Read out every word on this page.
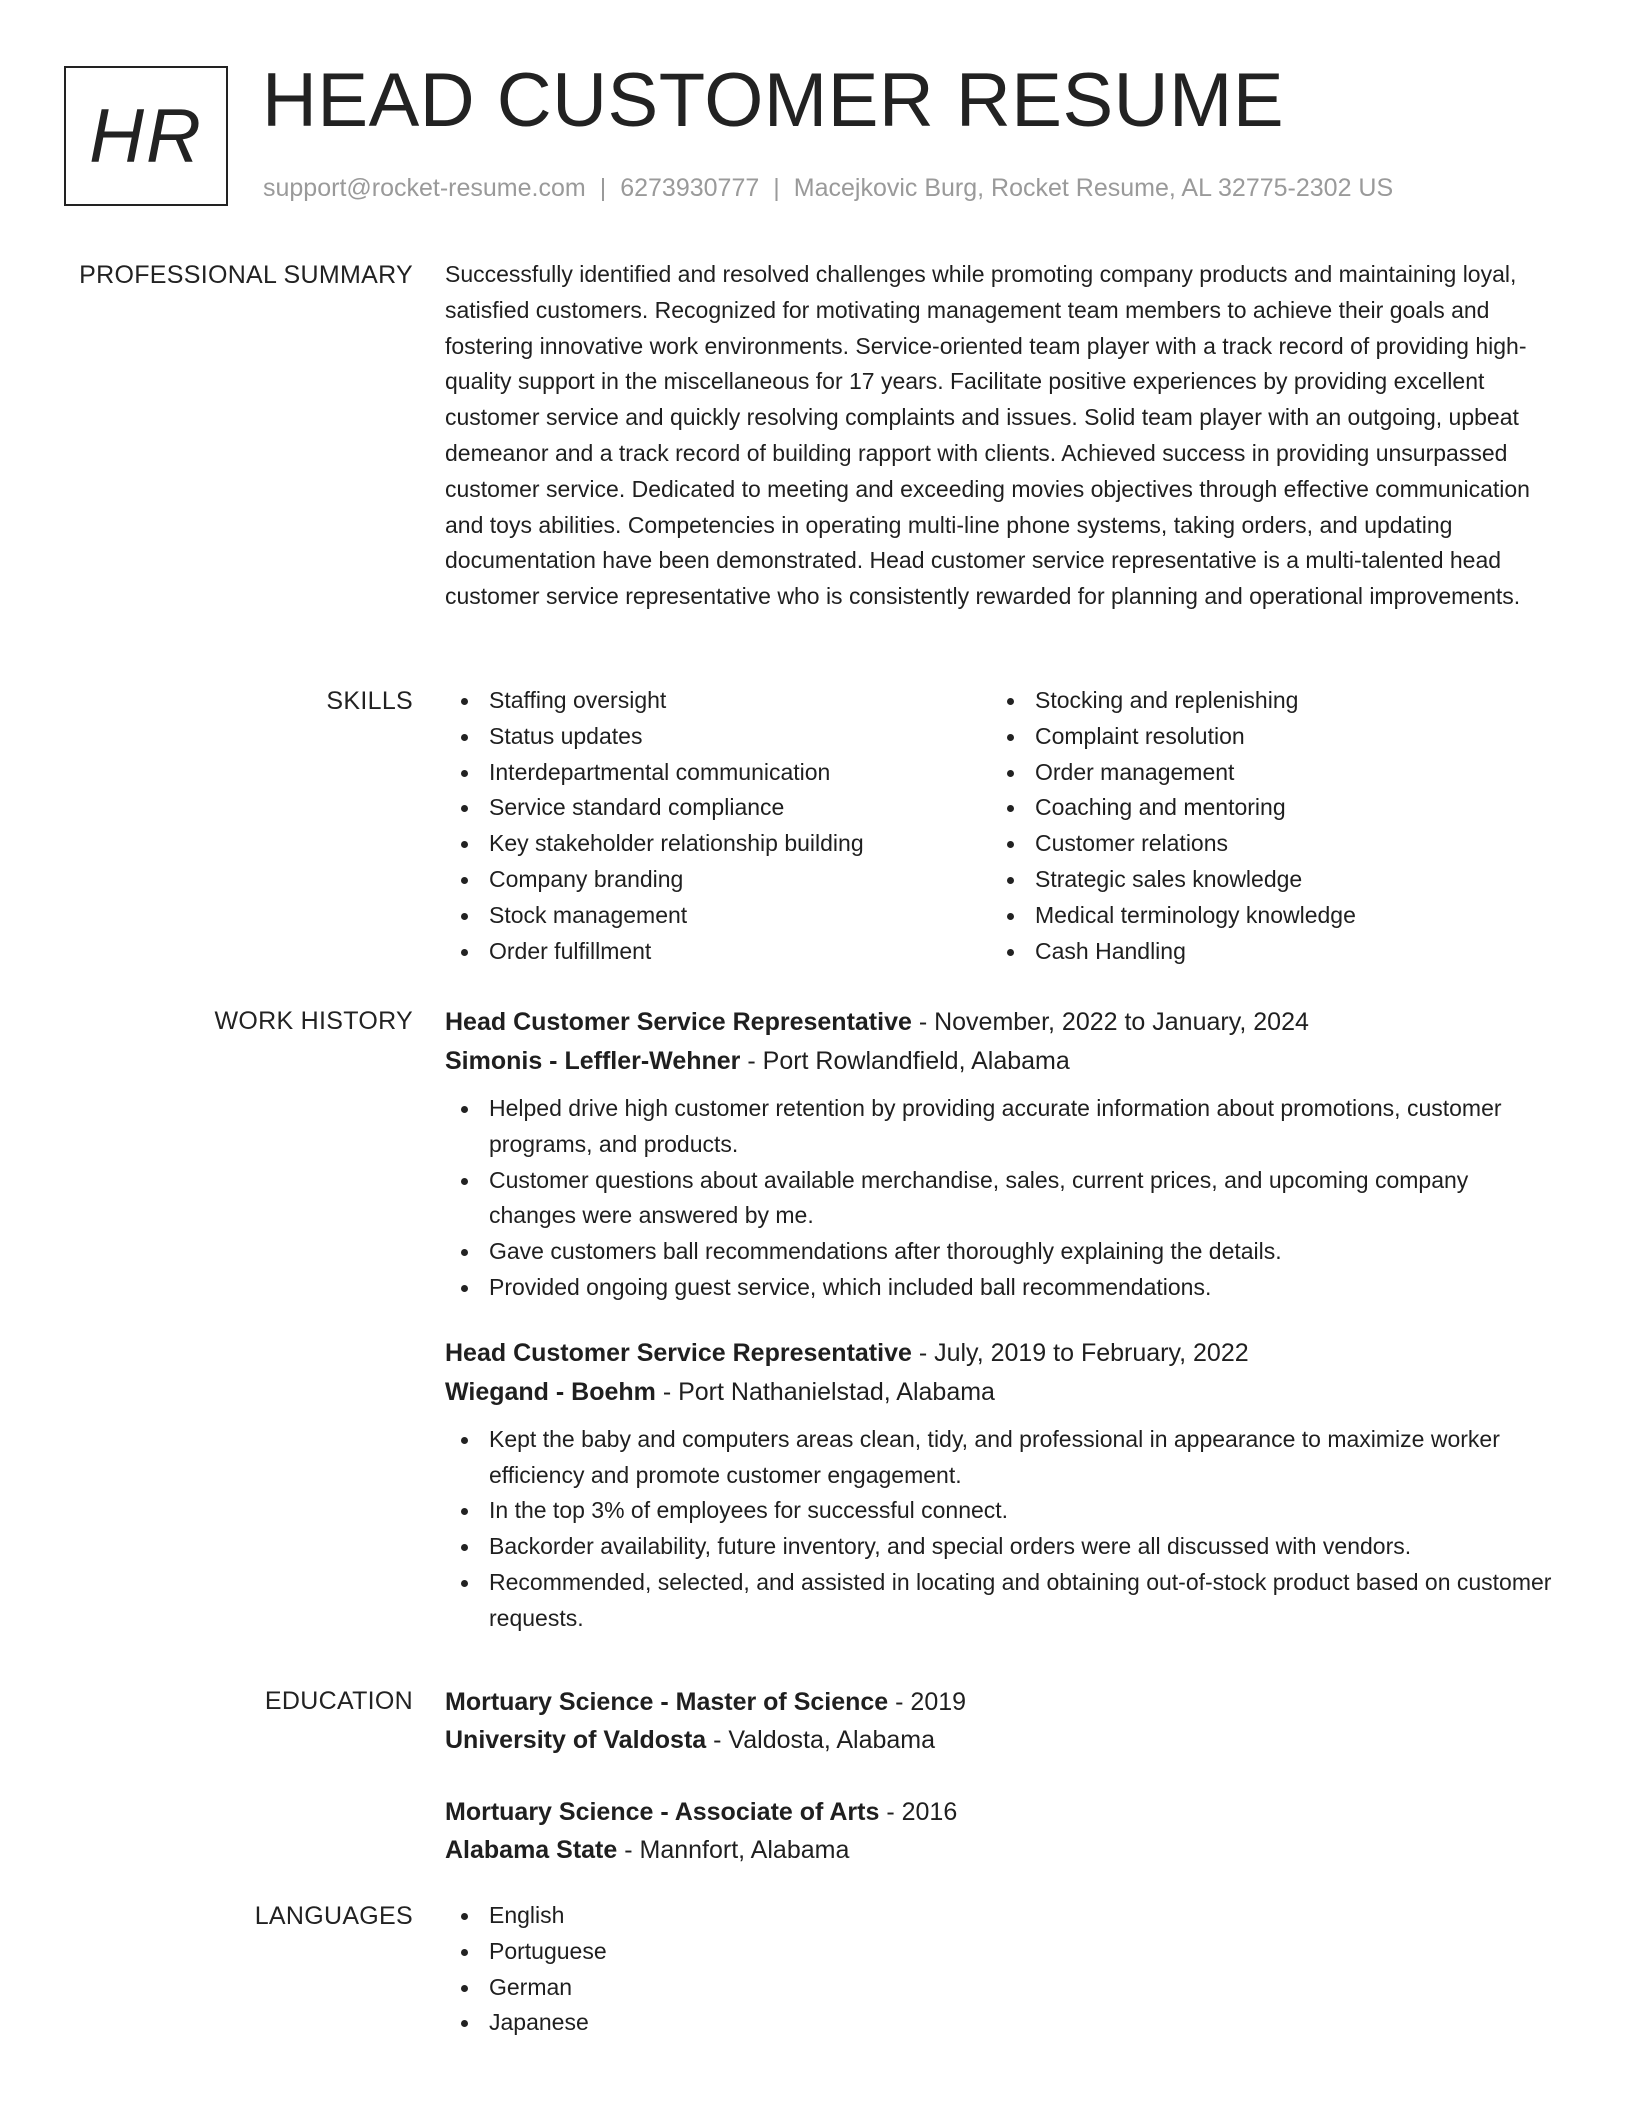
HR HEAD CUSTOMER RESUME
support@rocket-resume.com | 6273930777 | Macejkovic Burg, Rocket Resume, AL 32775-2302 US
PROFESSIONAL SUMMARY Successfully identified and resolved challenges while promoting company products and maintaining loyal, satisfied customers. Recognized for motivating management team members to achieve their goals and fostering innovative work environments. Service-oriented team player with a track record of providing high-quality support in the miscellaneous for 17 years. Facilitate positive experiences by providing excellent customer service and quickly resolving complaints and issues. Solid team player with an outgoing, upbeat demeanor and a track record of building rapport with clients. Achieved success in providing unsurpassed customer service. Dedicated to meeting and exceeding movies objectives through effective communication and toys abilities. Competencies in operating multi-line phone systems, taking orders, and updating documentation have been demonstrated. Head customer service representative is a multi-talented head customer service representative who is consistently rewarded for planning and operational improvements.

SKILLS	Staffing oversight
Status updates
Interdepartmental communication
Service standard compliance
Key stakeholder relationship building
Company branding
Stock management
Order fulfillment
Stocking and replenishing
Complaint resolution
Order management
Coaching and mentoring
Customer relations
Strategic sales knowledge
Medical terminology knowledge
Cash Handling
WORK HISTORY Head Customer Service Representative - November, 2022 to January, 2024
Simonis - Leffler-Wehner - Port Rowlandfield, Alabama
Helped drive high customer retention by providing accurate information about promotions, customer programs, and products.
Customer questions about available merchandise, sales, current prices, and upcoming company changes were answered by me.
Gave customers ball recommendations after thoroughly explaining the details.
Provided ongoing guest service, which included ball recommendations.
Head Customer Service Representative - July, 2019 to February, 2022
Wiegand - Boehm - Port Nathanielstad, Alabama
Kept the baby and computers areas clean, tidy, and professional in appearance to maximize worker efficiency and promote customer engagement.
In the top 3% of employees for successful connect.
Backorder availability, future inventory, and special orders were all discussed with vendors.
Recommended, selected, and assisted in locating and obtaining out-of-stock product based on customer requests.
EDUCATION Mortuary Science - Master of Science - 2019
University of Valdosta - Valdosta, Alabama
Mortuary Science - Associate of Arts - 2016
Alabama State - Mannfort, Alabama
LANGUAGES	English
Portuguese
German
Japanese
